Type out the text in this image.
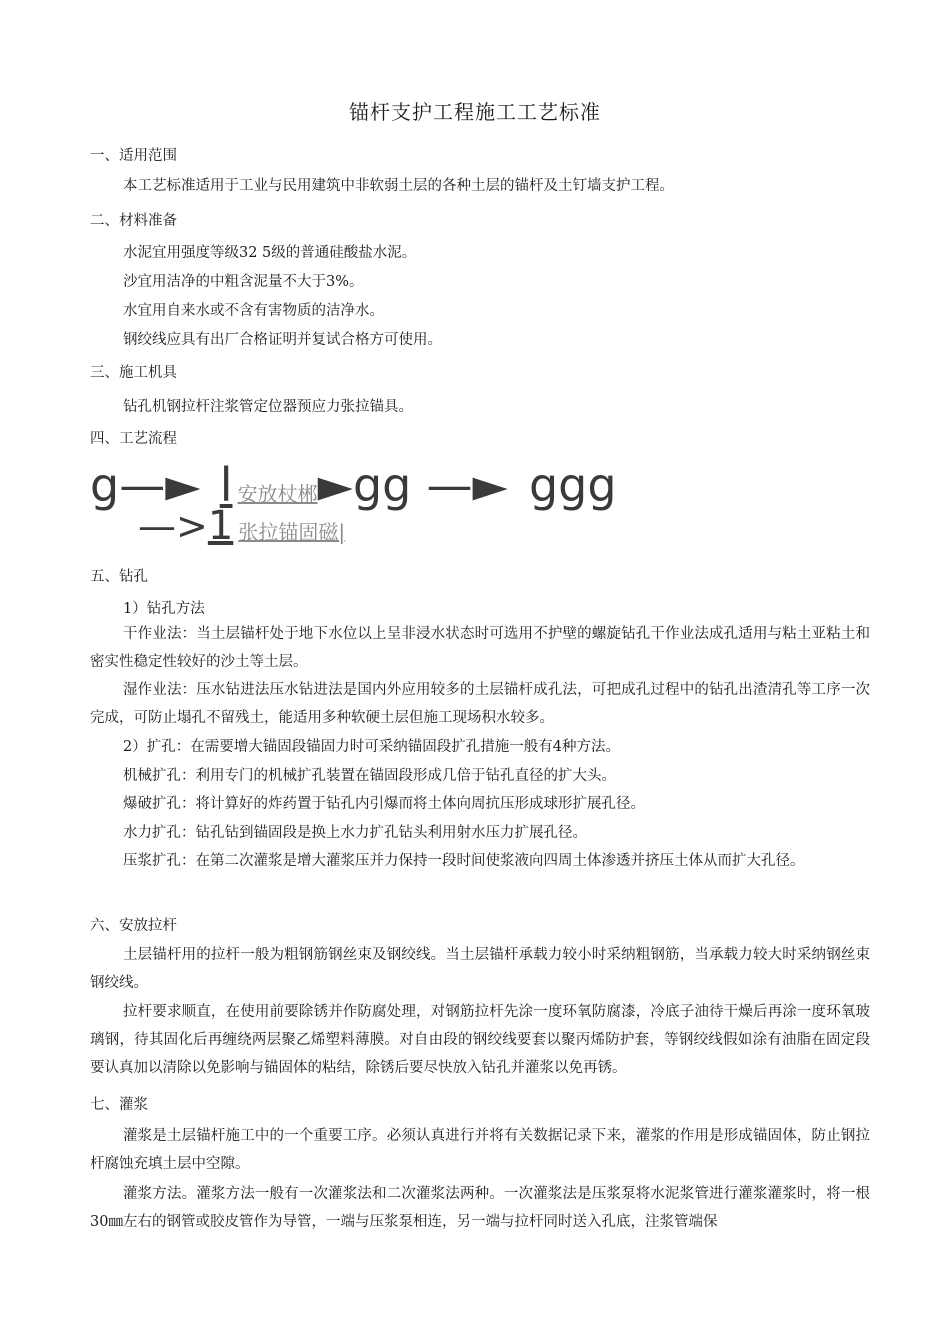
锚杆支护工程施工工艺标准
一、适用范围
本工艺标准适用于工业与民用建筑中非软弱土层的各种土层的锚杆及土钉墙支护工程。
二、材料准备
水泥宜用强度等级32 5级的普通硅酸盐水泥。
沙宜用洁净的中粗含泥量不大于3%。
水宜用自来水或不含有害物质的洁净水。
钢绞线应具有出厂合格证明并复试合格方可使用。
三、施工机具
钻孔机钢拉杆注浆管定位器预应力张拉锚具。
四、工艺流程
g—► l 安放杖郴►gg —► ggg
—>1 张拉锚固磁|
五、钻孔
1）钻孔方法
干作业法：当土层锚杆处于地下水位以上呈非浸水状态时可选用不护壁的螺旋钻孔干作业法成孔适用与粘土亚粘土和密实性稳定性较好的沙土等土层。
湿作业法：压水钻进法压水钻进法是国内外应用较多的土层锚杆成孔法，可把成孔过程中的钻孔出渣清孔等工序一次完成，可防止塌孔不留残土，能适用多种软硬土层但施工现场积水较多。
2）扩孔：在需要增大锚固段锚固力时可采纳锚固段扩孔措施一般有4种方法。
机械扩孔：利用专门的机械扩孔装置在锚固段形成几倍于钻孔直径的扩大头。
爆破扩孔：将计算好的炸药置于钻孔内引爆而将土体向周抗压形成球形扩展孔径。
水力扩孔：钻孔钻到锚固段是换上水力扩孔钻头利用射水压力扩展孔径。
压浆扩孔：在第二次灌浆是增大灌浆压并力保持一段时间使浆液向四周土体渗透并挤压土体从而扩大孔径。
六、安放拉杆
土层锚杆用的拉杆一般为粗钢筋钢丝束及钢绞线。当土层锚杆承载力较小时采纳粗钢筋，当承载力较大时采纳钢丝束钢绞线。
拉杆要求顺直，在使用前要除锈并作防腐处理，对钢筋拉杆先涂一度环氧防腐漆，冷底子油待干燥后再涂一度环氧玻璃钢，待其固化后再缠绕两层聚乙烯塑料薄膜。对自由段的钢绞线要套以聚丙烯防护套，等钢绞线假如涂有油脂在固定段要认真加以清除以免影响与锚固体的粘结，除锈后要尽快放入钻孔并灌浆以免再锈。
七、灌浆
灌浆是土层锚杆施工中的一个重要工序。必须认真进行并将有关数据记录下来，灌浆的作用是形成锚固体，防止钢拉杆腐蚀充填土层中空隙。
灌浆方法。灌浆方法一般有一次灌浆法和二次灌浆法两种。一次灌浆法是压浆泵将水泥浆管进行灌浆灌浆时，将一根30㎜左右的钢管或胶皮管作为导管，一端与压浆泵相连，另一端与拉杆同时送入孔底，注浆管端保
